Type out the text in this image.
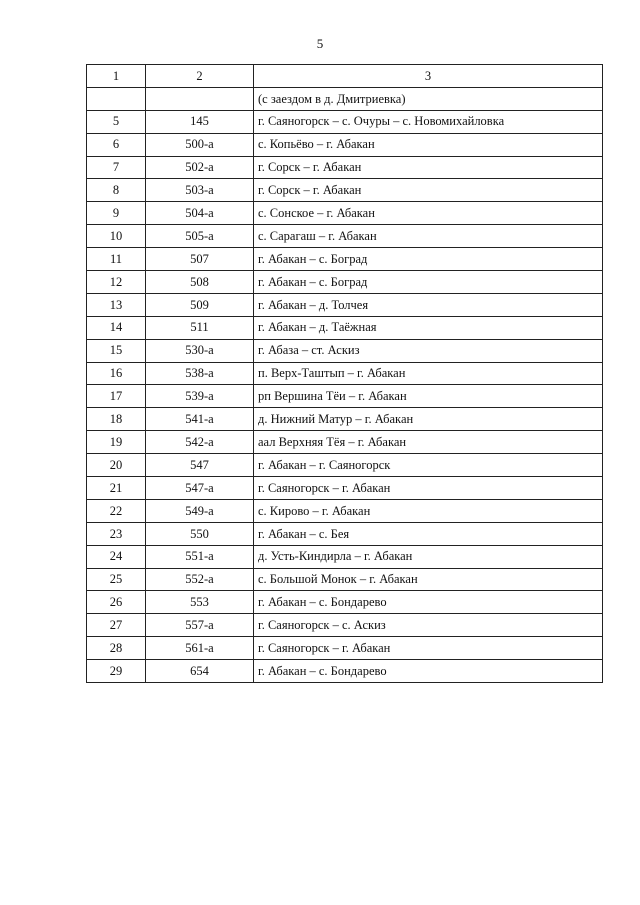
5
1	2	3
		(с заездом в д. Дмитриевка)
5	145	г. Саяногорск – с. Очуры – с. Новомихайловка
6	500-а	с. Копьёво – г. Абакан
7	502-а	г. Сорск – г. Абакан
8	503-а	г. Сорск – г. Абакан
9	504-а	с. Сонское – г. Абакан
10	505-а	с. Сарагаш – г. Абакан
11	507	г. Абакан – с. Боград
12	508	г. Абакан – с. Боград
13	509	г. Абакан – д. Толчея
14	511	г. Абакан – д. Таёжная
15	530-а	г. Абаза – ст. Аскиз
16	538-а	п. Верх-Таштып – г. Абакан
17	539-а	рп Вершина Тёи – г. Абакан
18	541-а	д. Нижний Матур – г. Абакан
19	542-а	аал Верхняя Тёя – г. Абакан
20	547	г. Абакан – г. Саяногорск
21	547-а	г. Саяногорск – г. Абакан
22	549-а	с. Кирово – г. Абакан
23	550	г. Абакан – с. Бея
24	551-а	д. Усть-Киндирла – г. Абакан
25	552-а	с. Большой Монок – г. Абакан
26	553	г. Абакан – с. Бондарево
27	557-а	г. Саяногорск – с. Аскиз
28	561-а	г. Саяногорск – г. Абакан
29	654	г. Абакан – с. Бондарево
